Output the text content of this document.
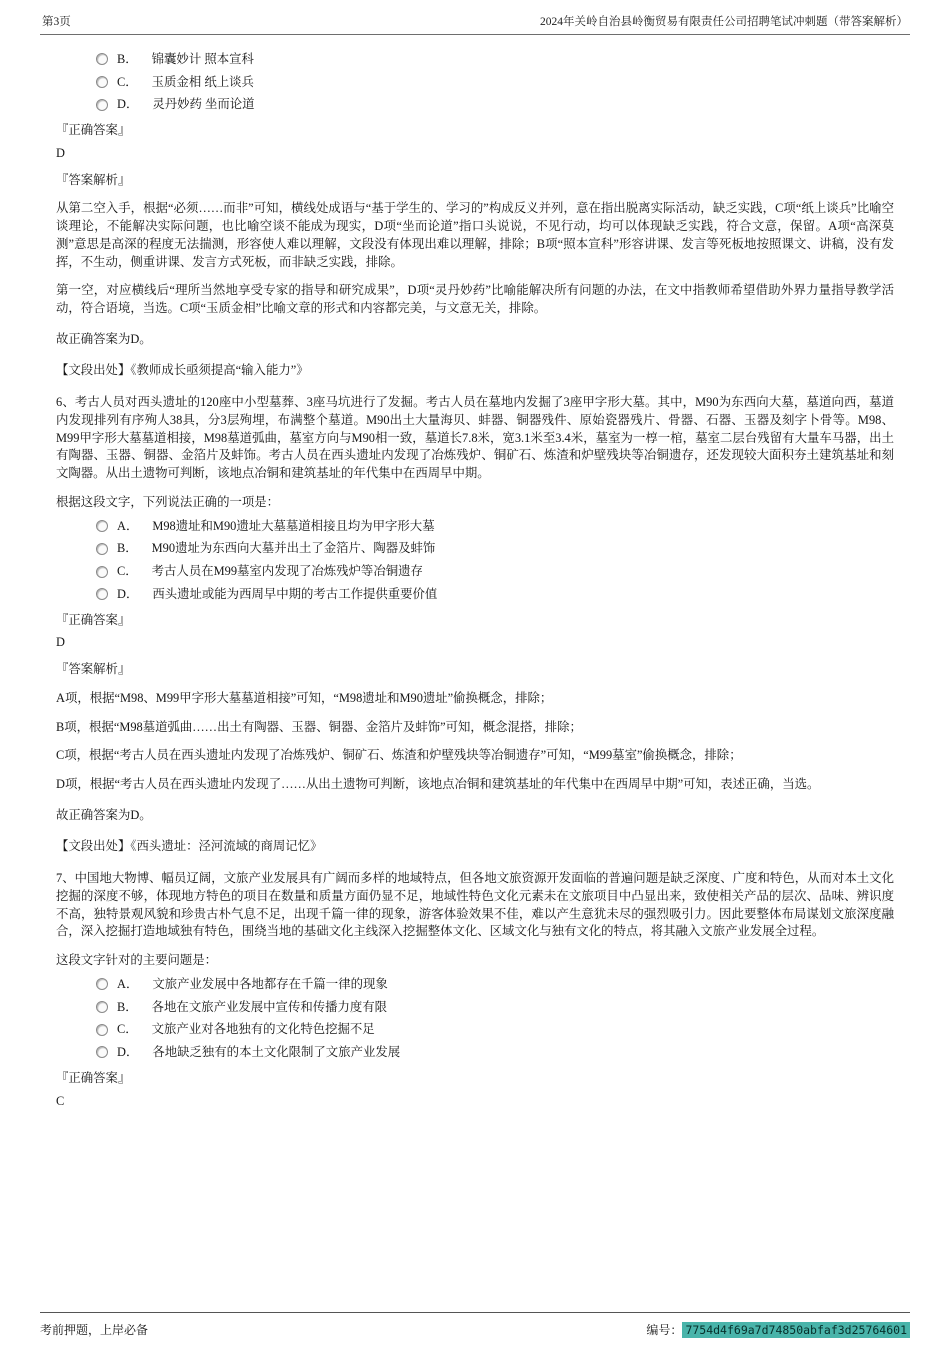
第3页	2024年关岭自治县岭衡贸易有限责任公司招聘笔试冲刺题（带答案解析）
B． 锦囊妙计 照本宣科
C． 玉质金相 纸上谈兵
D． 灵丹妙药 坐而论道
『正确答案』
D
『答案解析』

从第二空入手，根据“必须……而非”可知，横线处成语与“基于学生的、学习的”构成反义并列，意在指出脱离实际活动，缺乏实践，C项“纸上谈兵”比喻空谈理论，不能解决实际问题，也比喻空谈不能成为现实，D项“坐而论道”指口头说说，不见行动，均可以体现缺乏实践，符合文意，保留。A项“高深莫测”意思是高深的程度无法揣测，形容使人难以理解，文段没有体现出难以理解，排除；B项“照本宣科”形容讲课、发言等死板地按照课文、讲稿，没有发挥，不生动，侧重讲课、发言方式死板，而非缺乏实践，排除。

第一空，对应横线后“理所当然地享受专家的指导和研究成果”，D项“灵丹妙药”比喻能解决所有问题的办法，在文中指教师希望借助外界力量指导教学活动，符合语境，当选。C项“玉质金相”比喻文章的形式和内容都完美，与文意无关，排除。

故正确答案为D。

【文段出处】《教师成长亟须提高“输入能力”》

6、考古人员对西头遗址的120座中小型墓葬、3座马坑进行了发掘。考古人员在墓地内发掘了3座甲字形大墓。其中，M90为东西向大墓，墓道向西，墓道内发现排列有序殉人38具，分3层殉埋，布满整个墓道。M90出土大量海贝、蚌器、铜器残件、原始瓷器残片、骨器、石器、玉器及刻字卜骨等。M98、M99甲字形大墓墓道相接，M98墓道弧曲，墓室方向与M90相一致，墓道长7.8米，宽3.1米至3.4米，墓室为一椁一棺，墓室二层台残留有大量车马器，出土有陶器、玉器、铜器、金箔片及蚌饰。考古人员在西头遗址内发现了冶炼残炉、铜矿石、炼渣和炉壁残块等冶铜遗存，还发现较大面积夯土建筑基址和刻文陶器。从出土遗物可判断，该地点冶铜和建筑基址的年代集中在西周早中期。

根据这段文字，下列说法正确的一项是：

A． M98遗址和M90遗址大墓墓道相接且均为甲字形大墓
B． M90遗址为东西向大墓并出土了金箔片、陶器及蚌饰
C． 考古人员在M99墓室内发现了冶炼残炉等冶铜遗存
D． 西头遗址或能为西周早中期的考古工作提供重要价值
『正确答案』
D
『答案解析』

A项，根据“M98、M99甲字形大墓墓道相接”可知，“M98遗址和M90遗址”偷换概念，排除；

B项，根据“M98墓道弧曲……出土有陶器、玉器、铜器、金箔片及蚌饰”可知，概念混搭，排除；

C项，根据“考古人员在西头遗址内发现了冶炼残炉、铜矿石、炼渣和炉壁残块等冶铜遗存”可知，“M99墓室”偷换概念，排除；

D项，根据“考古人员在西头遗址内发现了……从出土遗物可判断，该地点冶铜和建筑基址的年代集中在西周早中期”可知，表述正确，当选。

故正确答案为D。

【文段出处】《西头遗址：泾河流域的商周记忆》

7、中国地大物博、幅员辽阔，文旅产业发展具有广阔而多样的地域特点，但各地文旅资源开发面临的普遍问题是缺乏深度、广度和特色，从而对本土文化挖掘的深度不够，体现地方特色的项目在数量和质量方面仍显不足，地域性特色文化元素未在文旅项目中凸显出来，致使相关产品的层次、品味、辨识度不高，独特景观风貌和珍贵古朴气息不足，出现千篇一律的现象，游客体验效果不佳，难以产生意犹未尽的强烈吸引力。因此要整体布局谋划文旅深度融合，深入挖掘打造地域独有特色，围绕当地的基础文化主线深入挖掘整体文化、区域文化与独有文化的特点，将其融入文旅产业发展全过程。

这段文字针对的主要问题是：

A． 文旅产业发展中各地都存在千篇一律的现象
B． 各地在文旅产业发展中宣传和传播力度有限
C． 文旅产业对各地独有的文化特色挖掘不足
D． 各地缺乏独有的本土文化限制了文旅产业发展
『正确答案』
C
考前押题，上岸必备	编号： 7754d4f69a7d74850abfaf3d25764601
